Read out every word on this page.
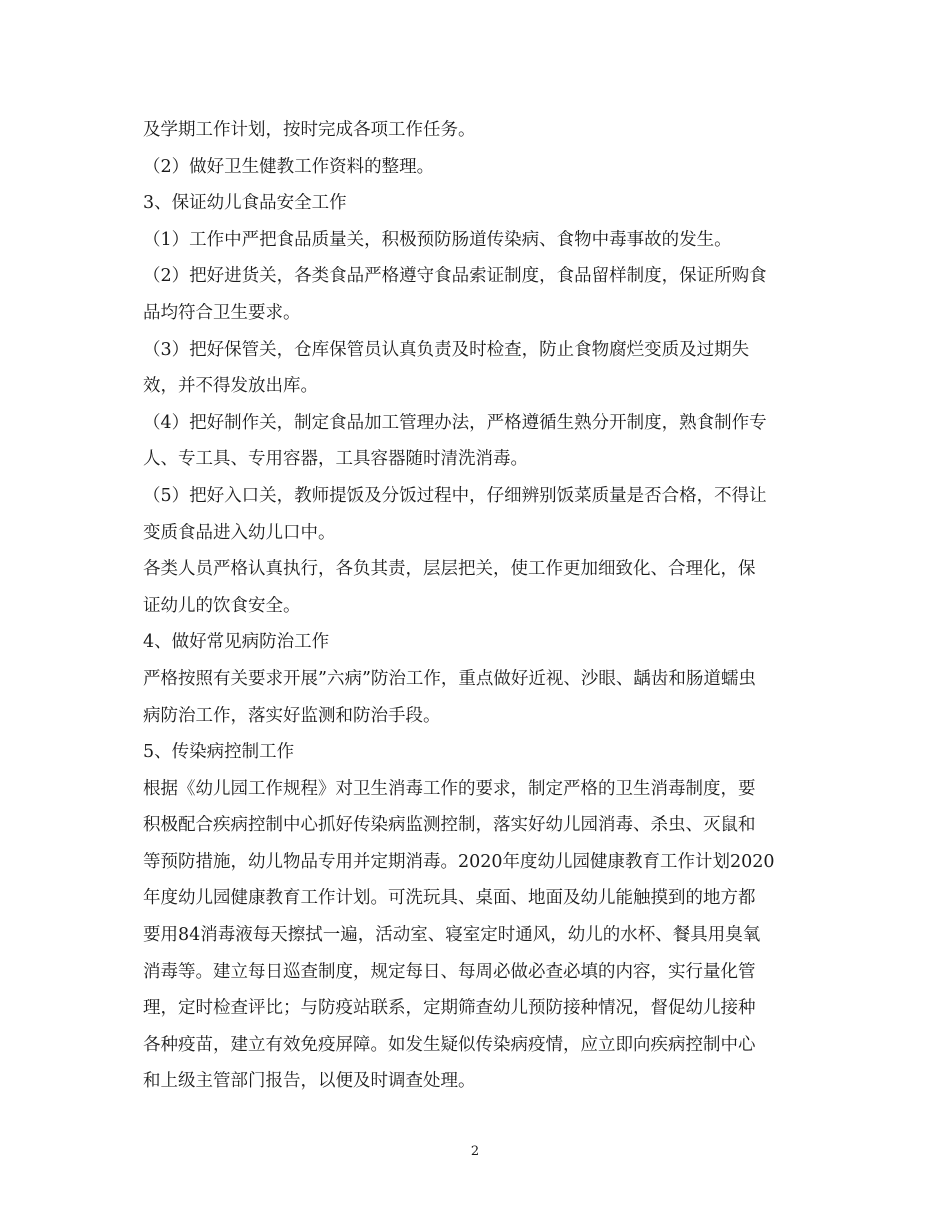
及学期工作计划，按时完成各项工作任务。
（2）做好卫生健教工作资料的整理。
3、保证幼儿食品安全工作
（1）工作中严把食品质量关，积极预防肠道传染病、食物中毒事故的发生。
（2）把好进货关，各类食品严格遵守食品索证制度，食品留样制度，保证所购食
品均符合卫生要求。
（3）把好保管关，仓库保管员认真负责及时检查，防止食物腐烂变质及过期失
效，并不得发放出库。
（4）把好制作关，制定食品加工管理办法，严格遵循生熟分开制度，熟食制作专
人、专工具、专用容器，工具容器随时清洗消毒。
（5）把好入口关，教师提饭及分饭过程中，仔细辨别饭菜质量是否合格，不得让
变质食品进入幼儿口中。
各类人员严格认真执行，各负其责，层层把关，使工作更加细致化、合理化，保
证幼儿的饮食安全。
4、做好常见病防治工作
严格按照有关要求开展”六病”防治工作，重点做好近视、沙眼、龋齿和肠道蠕虫
病防治工作，落实好监测和防治手段。
5、传染病控制工作
根据《幼儿园工作规程》对卫生消毒工作的要求，制定严格的卫生消毒制度，要
积极配合疾病控制中心抓好传染病监测控制，落实好幼儿园消毒、杀虫、灭鼠和
等预防措施，幼儿物品专用并定期消毒。2020年度幼儿园健康教育工作计划2020
年度幼儿园健康教育工作计划。可洗玩具、桌面、地面及幼儿能触摸到的地方都
要用84消毒液每天擦拭一遍，活动室、寝室定时通风，幼儿的水杯、餐具用臭氧
消毒等。建立每日巡查制度，规定每日、每周必做必查必填的内容，实行量化管
理，定时检查评比；与防疫站联系，定期筛查幼儿预防接种情况，督促幼儿接种
各种疫苗，建立有效免疫屏障。如发生疑似传染病疫情，应立即向疾病控制中心
和上级主管部门报告，以便及时调查处理。
2
